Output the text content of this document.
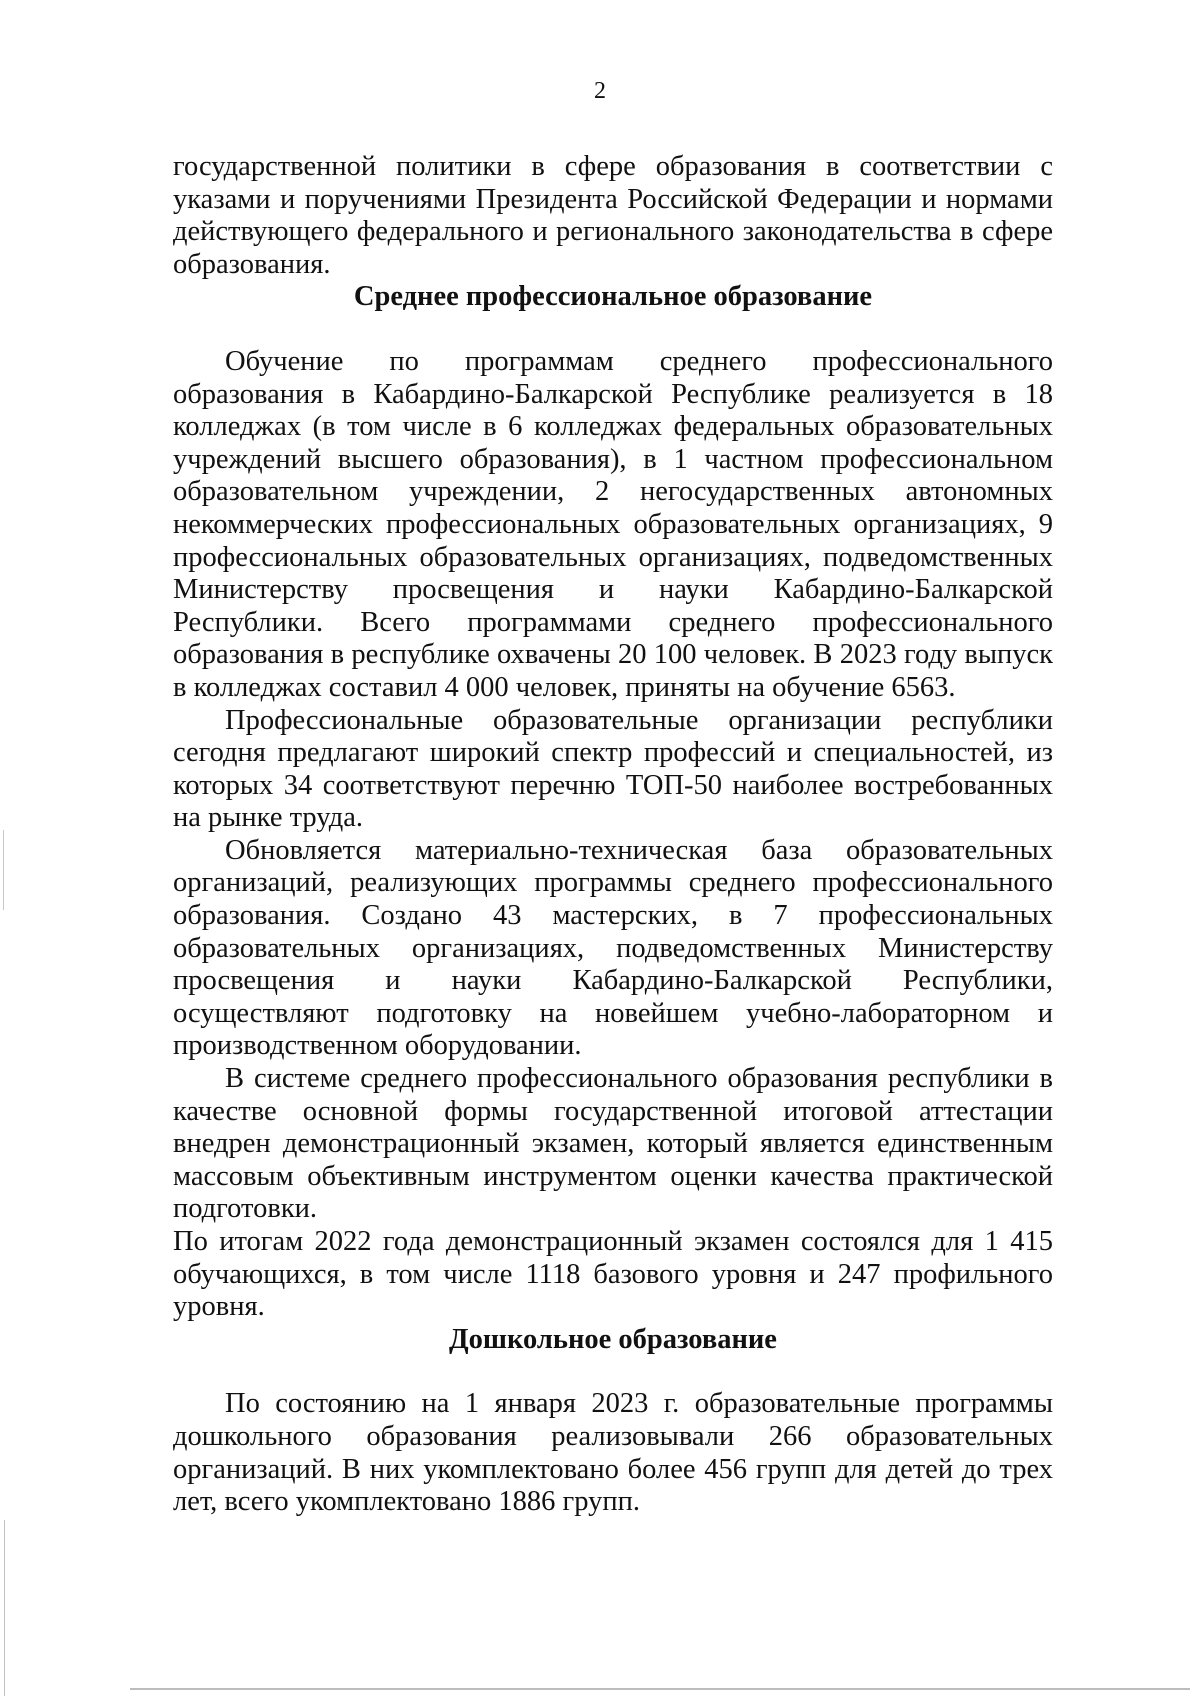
2

государственной политики в сфере образования в соответствии с указами и поручениями Президента Российской Федерации и нормами действующего федерального и регионального законодательства в сфере образования.

Среднее профессиональное образование

Обучение по программам среднего профессионального образования в Кабардино-Балкарской Республике реализуется в 18 колледжах (в том числе в 6 колледжах федеральных образовательных учреждений высшего образования), в 1 частном профессиональном образовательном учреждении, 2 негосударственных автономных некоммерческих профессиональных образовательных организациях, 9 профессиональных образовательных организациях, подведомственных Министерству просвещения и науки Кабардино-Балкарской Республики. Всего программами среднего профессионального образования в республике охвачены 20 100 человек. В 2023 году выпуск в колледжах составил 4 000 человек, приняты на обучение 6563.

Профессиональные образовательные организации республики сегодня предлагают широкий спектр профессий и специальностей, из которых 34 соответствуют перечню ТОП-50 наиболее востребованных на рынке труда.

Обновляется материально-техническая база образовательных организаций, реализующих программы среднего профессионального образования. Создано 43 мастерских, в 7 профессиональных образовательных организациях, подведомственных Министерству просвещения и науки Кабардино-Балкарской Республики, осуществляют подготовку на новейшем учебно-лабораторном и производственном оборудовании.

В системе среднего профессионального образования республики в качестве основной формы государственной итоговой аттестации внедрен демонстрационный экзамен, который является единственным массовым объективным инструментом оценки качества практической подготовки.

По итогам 2022 года демонстрационный экзамен состоялся для 1 415 обучающихся, в том числе 1118 базового уровня и 247 профильного уровня.

Дошкольное образование

По состоянию на 1 января 2023 г. образовательные программы дошкольного образования реализовывали 266 образовательных организаций. В них укомплектовано более 456 групп для детей до трех лет, всего укомплектовано 1886 групп.
